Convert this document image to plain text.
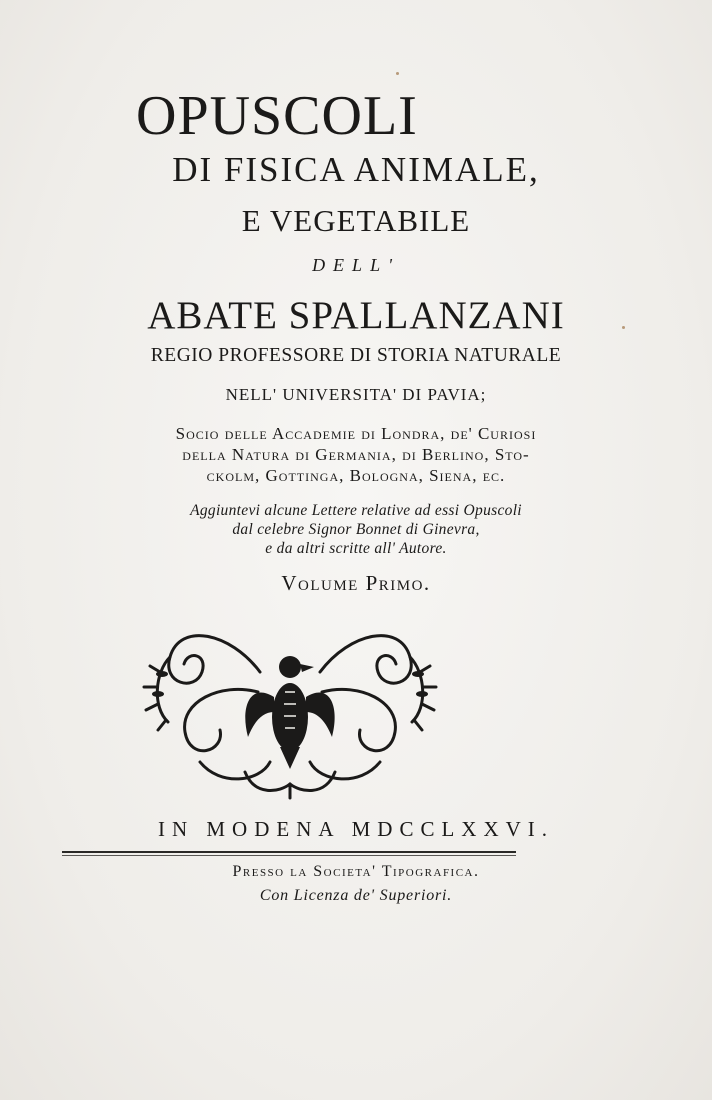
OPUSCOLI
DI FISICA ANIMALE,
E VEGETABILE
DELL'
ABATE SPALLANZANI
REGIO PROFESSORE DI STORIA NATURALE
NELL' UNIVERSITA' DI PAVIA;
Socio delle Accademie di Londra, de' Curiosi
della Natura di Germania, di Berlino, Sto-
ckolm, Gottinga, Bologna, Siena, ec.
Aggiuntevi alcune Lettere relative ad essi Opuscoli
dal celebre Signor Bonnet di Ginevra,
e da altri scritte all' Autore.
Volume Primo.
IN MODENA MDCCLXXVI.
Presso la Societa' Tipografica.
Con Licenza de' Superiori.
